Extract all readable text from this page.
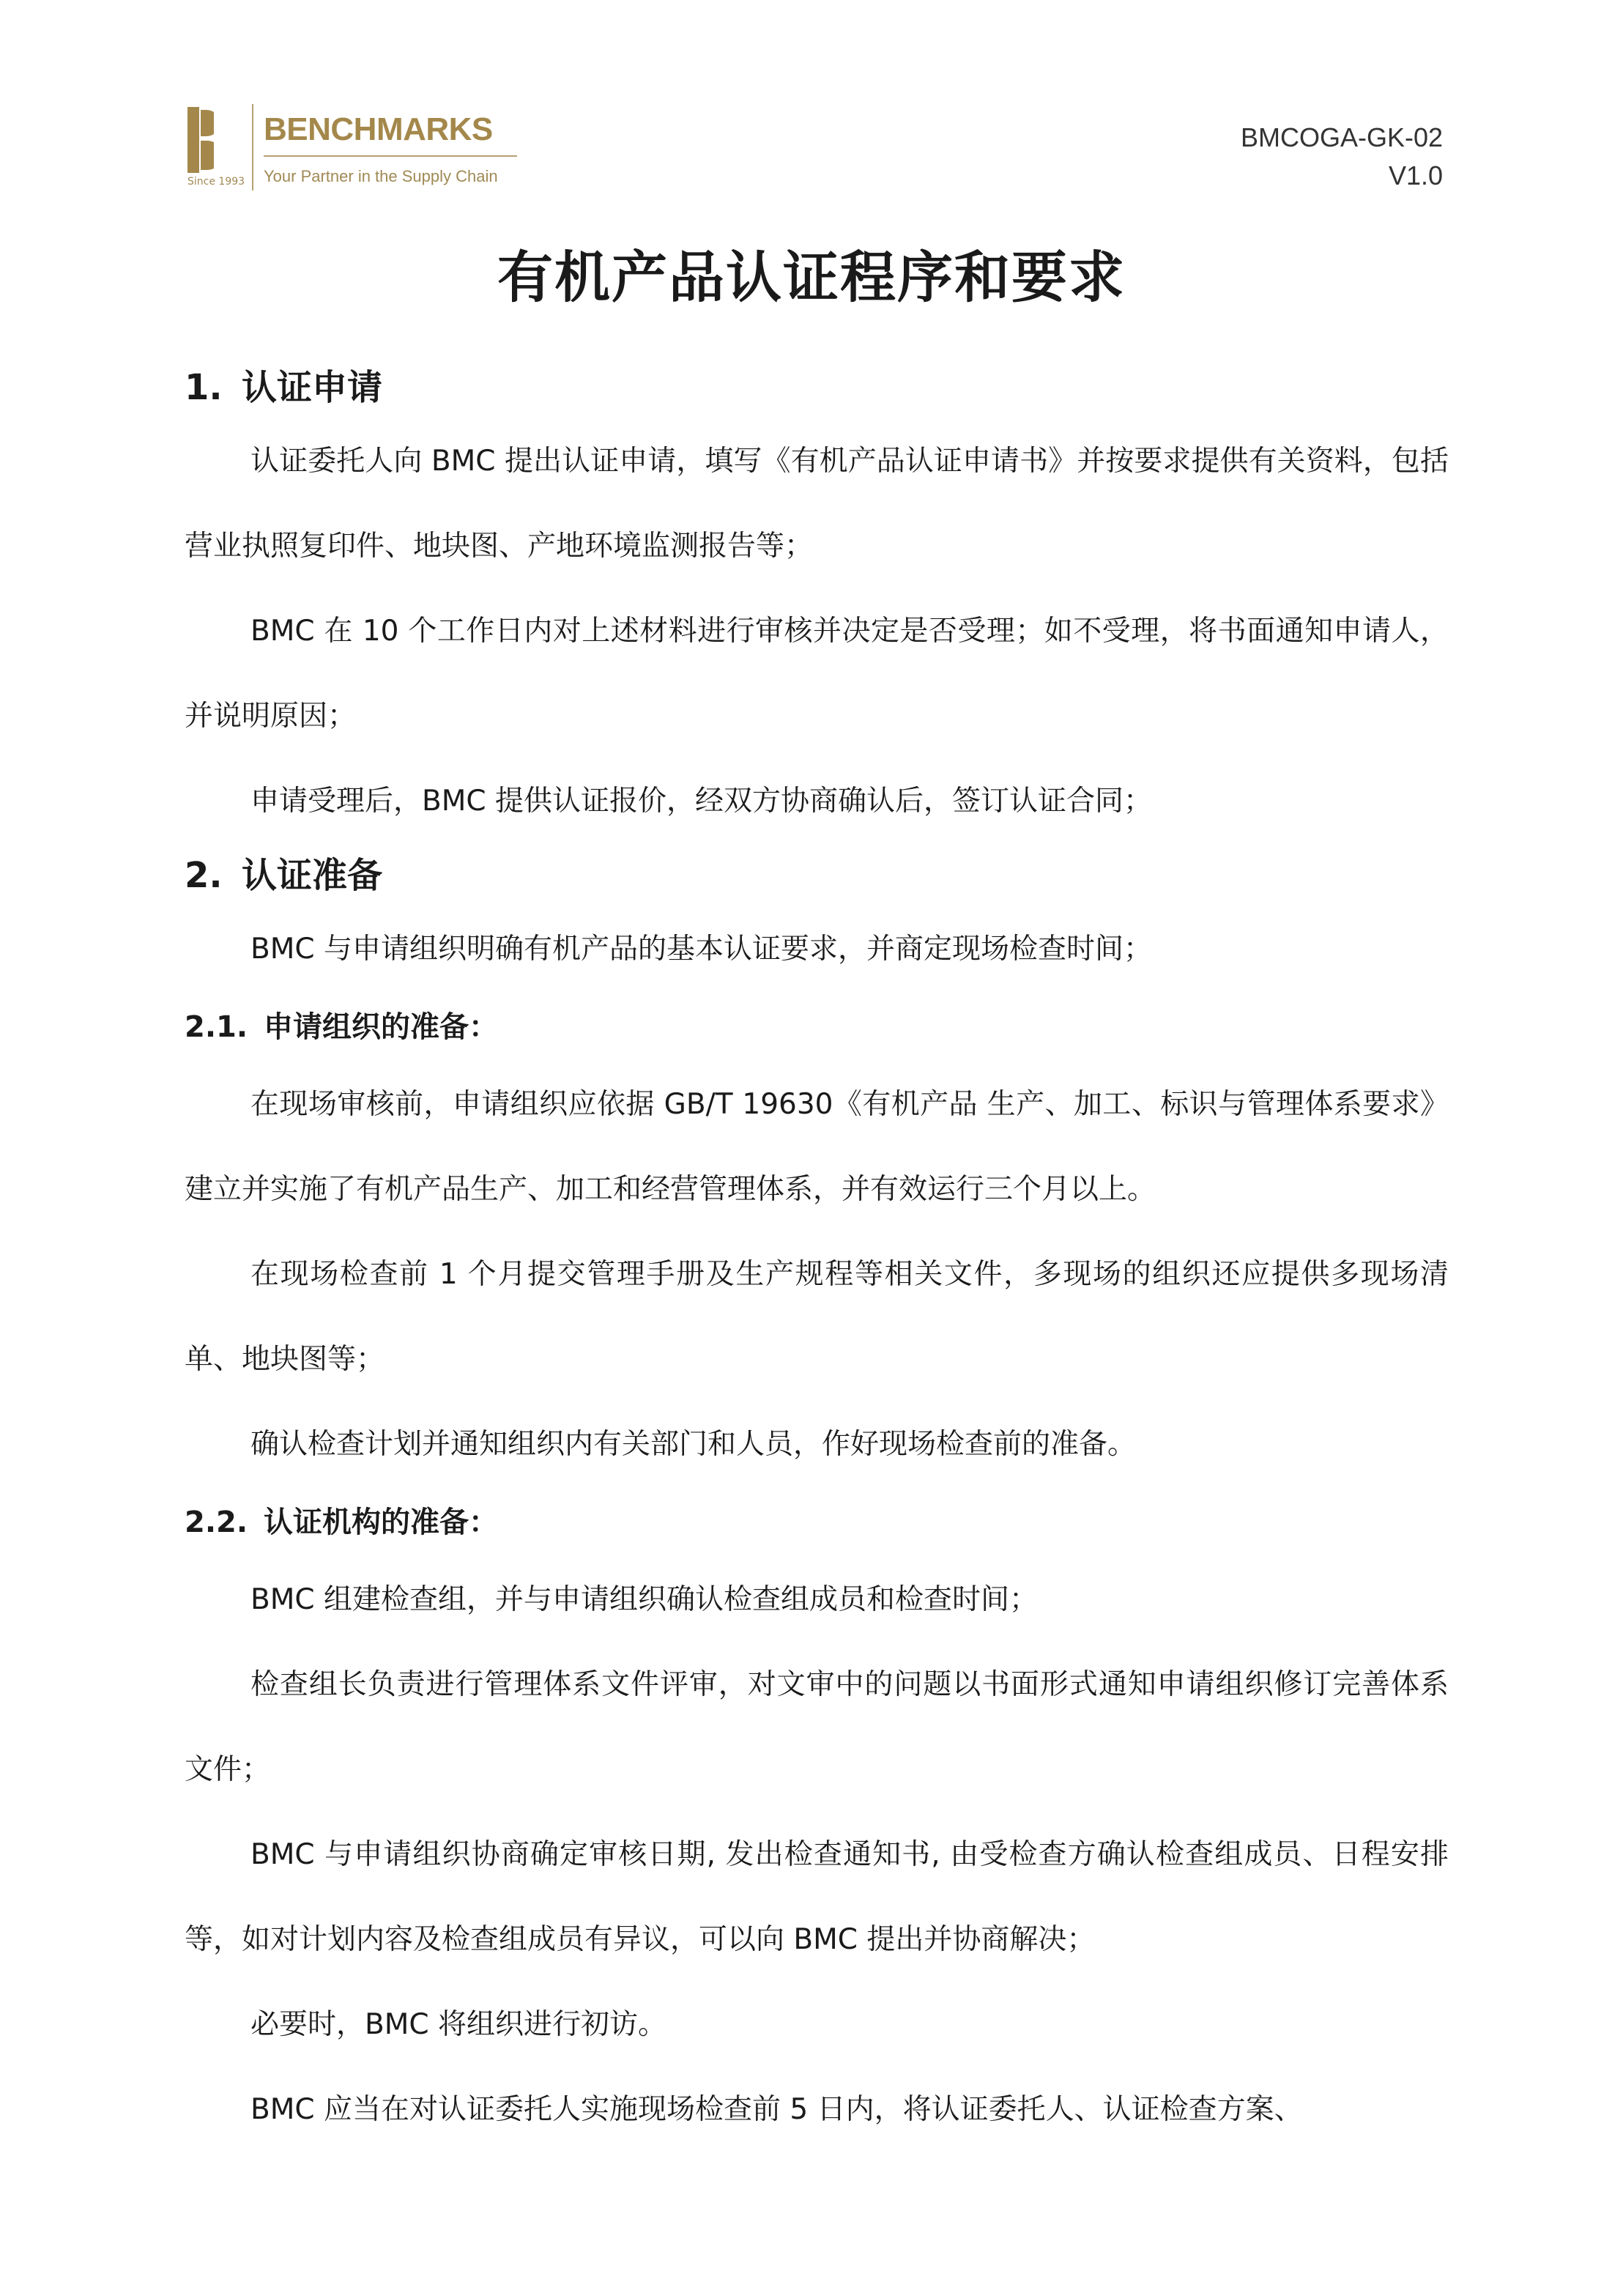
Since 1993
BENCHMARKS
Your Partner in the Supply Chain
BMCOGA-GK-02
V1.0
有机产品认证程序和要求
1. 认证申请

认证委托人向 BMC 提出认证申请，填写《有机产品认证申请书》并按要求提供有关资料，包括营业执照复印件、地块图、产地环境监测报告等；

BMC 在 10 个工作日内对上述材料进行审核并决定是否受理；如不受理，将书面通知申请人，并说明原因；

申请受理后，BMC 提供认证报价，经双方协商确认后，签订认证合同；

2. 认证准备

BMC 与申请组织明确有机产品的基本认证要求，并商定现场检查时间；

2.1. 申请组织的准备：

在现场审核前，申请组织应依据 GB/T 19630《有机产品 生产、加工、标识与管理体系要求》建立并实施了有机产品生产、加工和经营管理体系，并有效运行三个月以上。

在现场检查前 1 个月提交管理手册及生产规程等相关文件，多现场的组织还应提供多现场清单、地块图等；

确认检查计划并通知组织内有关部门和人员，作好现场检查前的准备。

2.2. 认证机构的准备：

BMC 组建检查组，并与申请组织确认检查组成员和检查时间；

检查组长负责进行管理体系文件评审，对文审中的问题以书面形式通知申请组织修订完善体系文件；

BMC 与申请组织协商确定审核日期, 发出检查通知书, 由受检查方确认检查组成员、日程安排等，如对计划内容及检查组成员有异议，可以向 BMC 提出并协商解决；

必要时，BMC 将组织进行初访。

BMC 应当在对认证委托人实施现场检查前 5 日内，将认证委托人、认证检查方案、
